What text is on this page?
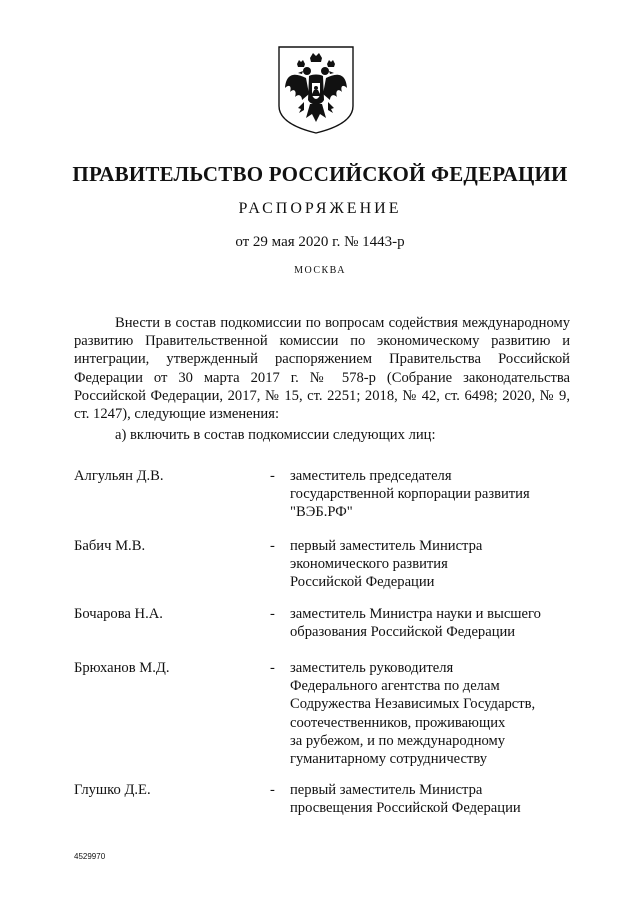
ПРАВИТЕЛЬСТВО РОССИЙСКОЙ ФЕДЕРАЦИИ
РАСПОРЯЖЕНИЕ
от 29 мая 2020 г. № 1443-р
МОСКВА

Внести в состав подкомиссии по вопросам содействия международному развитию Правительственной комиссии по экономическому развитию и интеграции, утвержденный распоряжением Правительства Российской Федерации от 30 марта 2017 г. № 578-р (Собрание законодательства Российской Федерации, 2017, № 15, ст. 2251; 2018, № 42, ст. 6498; 2020, № 9, ст. 1247), следующие изменения:

а) включить в состав подкомиссии следующих лиц:
Алгульян Д.В.	- заместитель председателя
государственной корпорации развития
"ВЭБ.РФ"
Бабич М.В.	- первый заместитель Министра
экономического развития
Российской Федерации
Бочарова Н.А.	- заместитель Министра науки и высшего
образования Российской Федерации
Брюханов М.Д.	- заместитель руководителя
Федерального агентства по делам
Содружества Независимых Государств,
соотечественников, проживающих
за рубежом, и по международному
гуманитарному сотрудничеству
Глушко Д.Е.	- первый заместитель Министра
просвещения Российской Федерации
4529970
